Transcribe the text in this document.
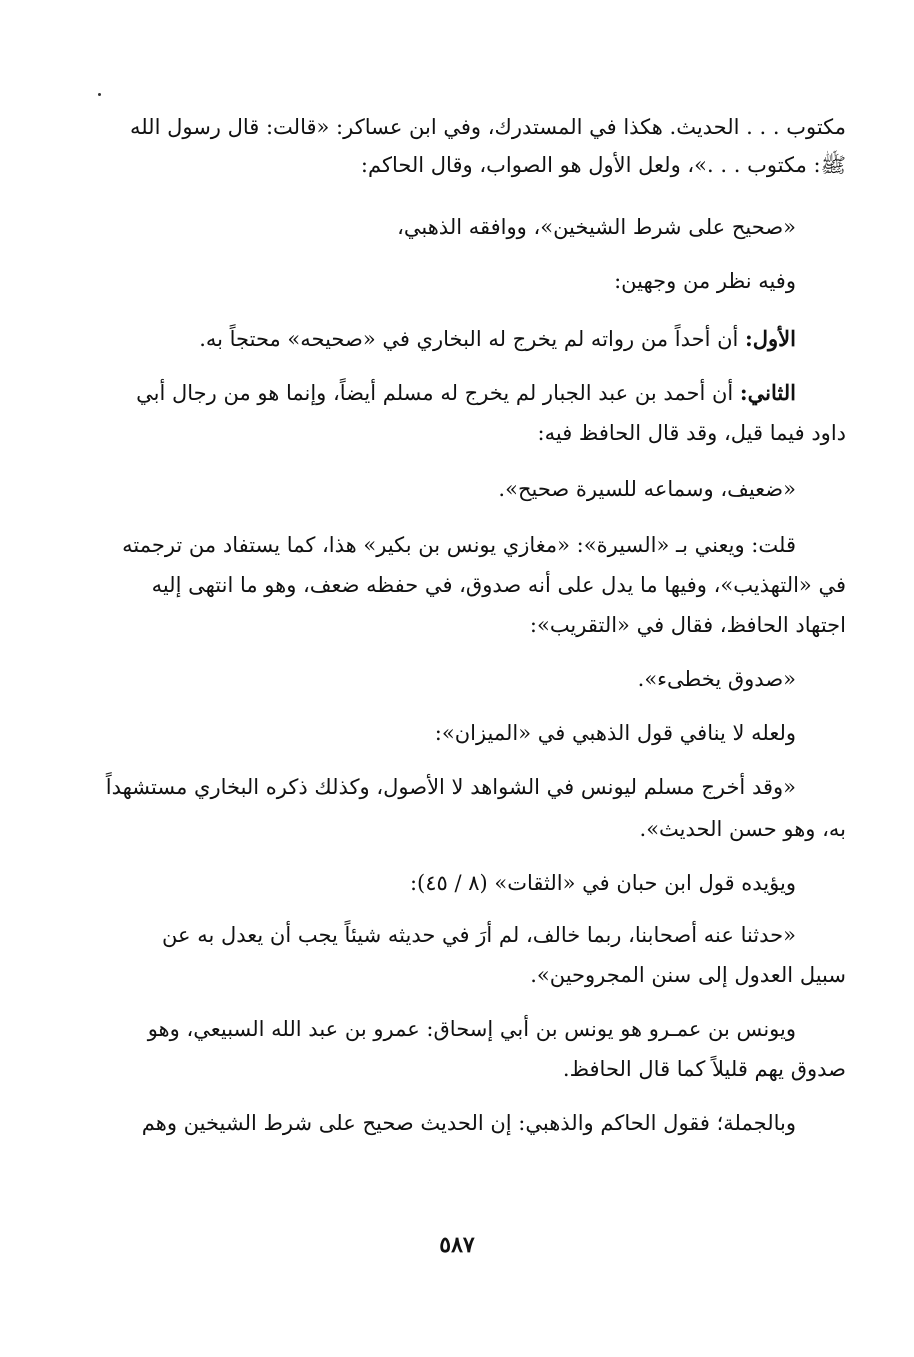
مكتوب . . . الحديث. هكذا في المستدرك، وفي ابن عساكر: «قالت: قال رسول الله
ﷺ: مكتوب . . .»، ولعل الأول هو الصواب، وقال الحاكم:
«صحيح على شرط الشيخين»، ووافقه الذهبي،
وفيه نظر من وجهين:
الأول: أن أحداً من رواته لم يخرج له البخاري في «صحيحه» محتجاً به.
الثاني: أن أحمد بن عبد الجبار لم يخرج له مسلم أيضاً، وإنما هو من رجال أبي
داود فيما قيل، وقد قال الحافظ فيه:
«ضعيف، وسماعه للسيرة صحيح».
قلت: ويعني بـ «السيرة»: «مغازي يونس بن بكير» هذا، كما يستفاد من ترجمته
في «التهذيب»، وفيها ما يدل على أنه صدوق، في حفظه ضعف، وهو ما انتهى إليه
اجتهاد الحافظ، فقال في «التقريب»:
«صدوق يخطىء».
ولعله لا ينافي قول الذهبي في «الميزان»:
«وقد أخرج مسلم ليونس في الشواهد لا الأصول، وكذلك ذكره البخاري مستشهداً
به، وهو حسن الحديث».
ويؤيده قول ابن حبان في «الثقات» (٨ / ٤٥):
«حدثنا عنه أصحابنا، ربما خالف، لم أرَ في حديثه شيئاً يجب أن يعدل به عن
سبيل العدول إلى سنن المجروحين».
ويونس بن عمـرو هو يونس بن أبي إسحاق: عمرو بن عبد الله السبيعي، وهو
صدوق يهم قليلاً كما قال الحافظ.
وبالجملة؛ فقول الحاكم والذهبي: إن الحديث صحيح على شرط الشيخين وهم
٥٨٧
